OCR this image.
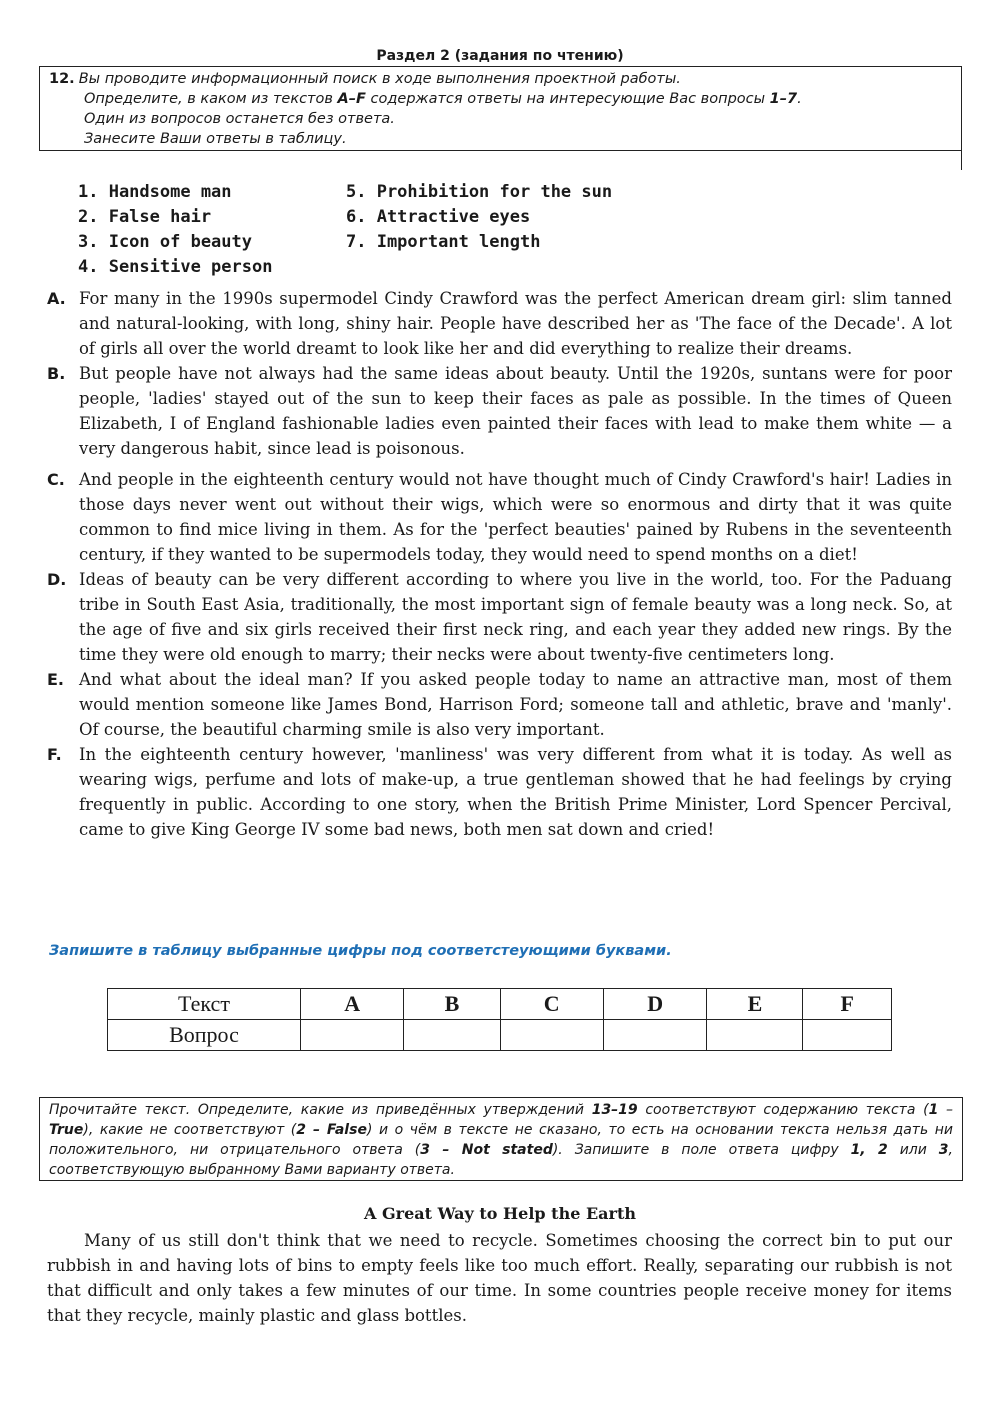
Раздел 2 (задания по чтению)
12. Вы проводите информационный поиск в ходе выполнения проектной работы.
Определите, в каком из текстов A–F содержатся ответы на интересующие Вас вопросы 1–7.
Один из вопросов останется без ответа.
Занесите Ваши ответы в таблицу.
1. Handsome man
2. False hair
3. Icon of beauty
4. Sensitive person
5. Prohibition for the sun
6. Attractive eyes
7. Important length
A. For many in the 1990s supermodel Cindy Crawford was the perfect American dream girl: slim tanned and natural-looking, with long, shiny hair. People have described her as 'The face of the Decade'. A lot of girls all over the world dreamt to look like her and did everything to realize their dreams.
B. But people have not always had the same ideas about beauty. Until the 1920s, suntans were for poor people, 'ladies' stayed out of the sun to keep their faces as pale as possible. In the times of Queen Elizabeth, I of England fashionable ladies even painted their faces with lead to make them white — a very dangerous habit, since lead is poisonous.
C. And people in the eighteenth century would not have thought much of Cindy Crawford's hair! Ladies in those days never went out without their wigs, which were so enormous and dirty that it was quite common to find mice living in them. As for the 'perfect beauties' pained by Rubens in the seventeenth century, if they wanted to be supermodels today, they would need to spend months on a diet!
D. Ideas of beauty can be very different according to where you live in the world, too. For the Paduang tribe in South East Asia, traditionally, the most important sign of female beauty was a long neck. So, at the age of five and six girls received their first neck ring, and each year they added new rings. By the time they were old enough to marry; their necks were about twenty-five centimeters long.
E. And what about the ideal man? If you asked people today to name an attractive man, most of them would mention someone like James Bond, Harrison Ford; someone tall and athletic, brave and 'manly'. Of course, the beautiful charming smile is also very important.
F. In the eighteenth century however, 'manliness' was very different from what it is today. As well as wearing wigs, perfume and lots of make-up, a true gentleman showed that he had feelings by crying frequently in public. According to one story, when the British Prime Minister, Lord Spencer Percival, came to give King George IV some bad news, both men sat down and cried!
Запишите в таблицу выбранные цифры под соответстеующими буквами.
Текст	A	B	C	D	E	F
Вопрос						
Прочитайте текст. Определите, какие из приведённых утверждений 13–19 соответствуют содержанию текста (1 – True), какие не соответствуют (2 – False) и о чём в тексте не сказано, то есть на основании текста нельзя дать ни положительного, ни отрицательного ответа (3 – Not stated). Запишите в поле ответа цифру 1, 2 или 3, соответствующую выбранному Вами варианту ответа.
A Great Way to Help the Earth
Many of us still don't think that we need to recycle. Sometimes choosing the correct bin to put our rubbish in and having lots of bins to empty feels like too much effort. Really, separating our rubbish is not that difficult and only takes a few minutes of our time. In some countries people receive money for items that they recycle, mainly plastic and glass bottles.
